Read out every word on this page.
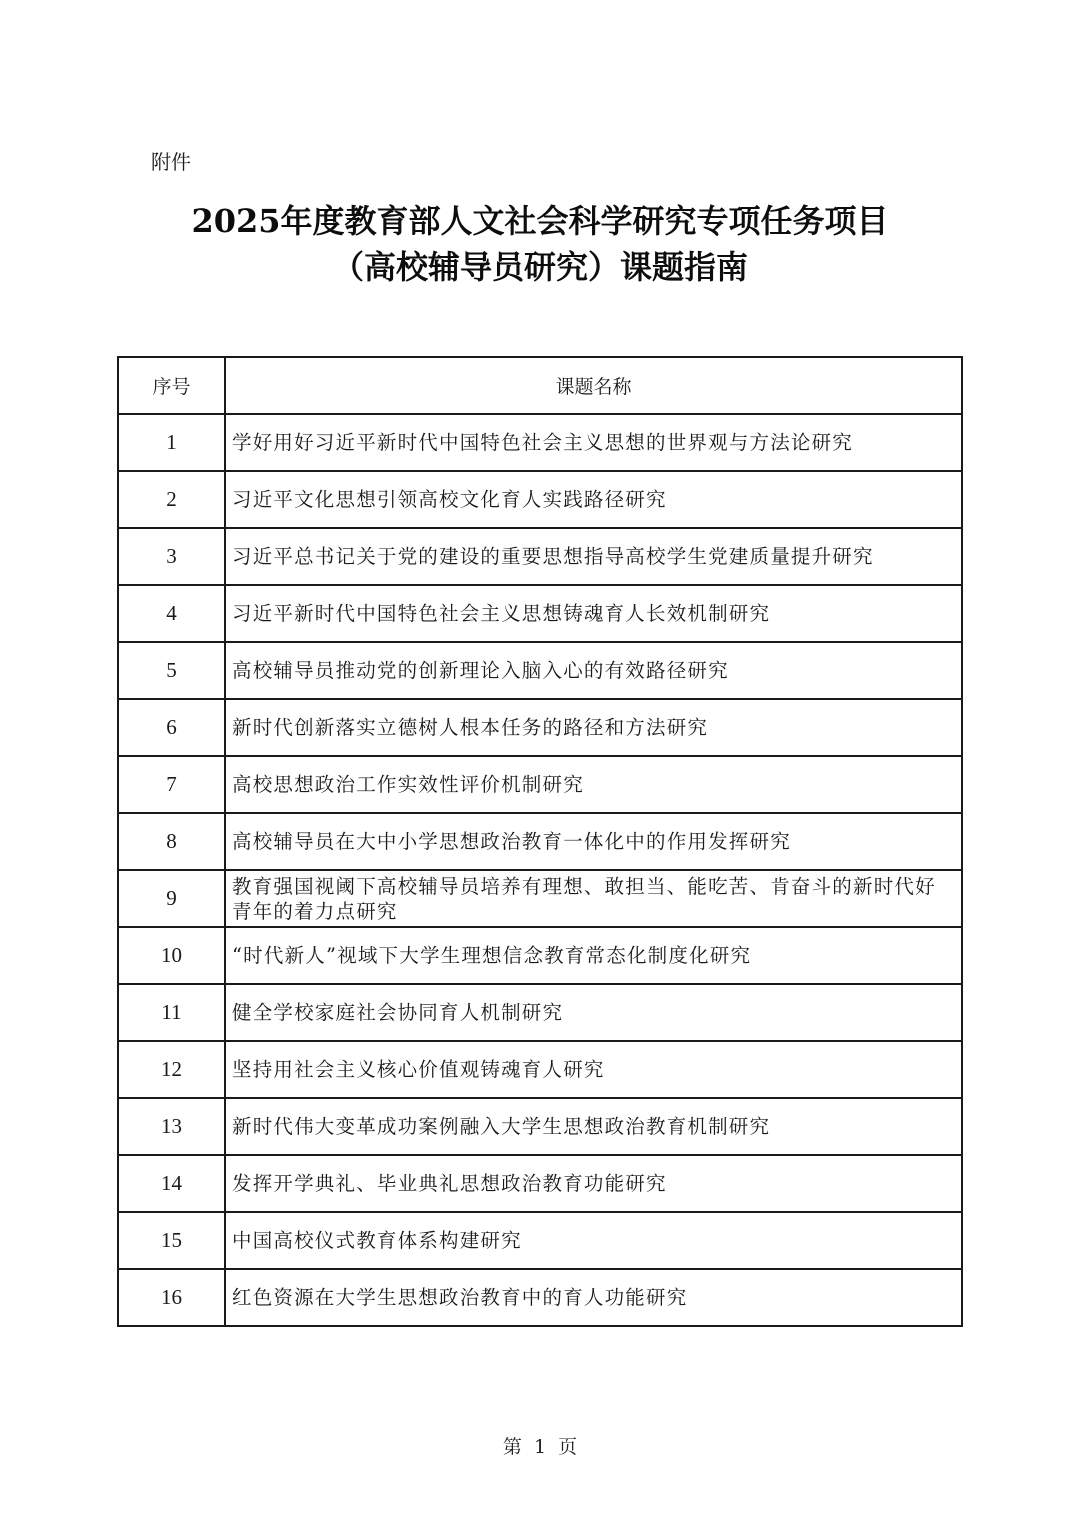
附件
2025年度教育部人文社会科学研究专项任务项目
（高校辅导员研究）课题指南
序号	课题名称
1	学好用好习近平新时代中国特色社会主义思想的世界观与方法论研究
2	习近平文化思想引领高校文化育人实践路径研究
3	习近平总书记关于党的建设的重要思想指导高校学生党建质量提升研究
4	习近平新时代中国特色社会主义思想铸魂育人长效机制研究
5	高校辅导员推动党的创新理论入脑入心的有效路径研究
6	新时代创新落实立德树人根本任务的路径和方法研究
7	高校思想政治工作实效性评价机制研究
8	高校辅导员在大中小学思想政治教育一体化中的作用发挥研究
9	教育强国视阈下高校辅导员培养有理想、敢担当、能吃苦、肯奋斗的新时代好青年的着力点研究
10	“时代新人”视域下大学生理想信念教育常态化制度化研究
11	健全学校家庭社会协同育人机制研究
12	坚持用社会主义核心价值观铸魂育人研究
13	新时代伟大变革成功案例融入大学生思想政治教育机制研究
14	发挥开学典礼、毕业典礼思想政治教育功能研究
15	中国高校仪式教育体系构建研究
16	红色资源在大学生思想政治教育中的育人功能研究
第 1 页
